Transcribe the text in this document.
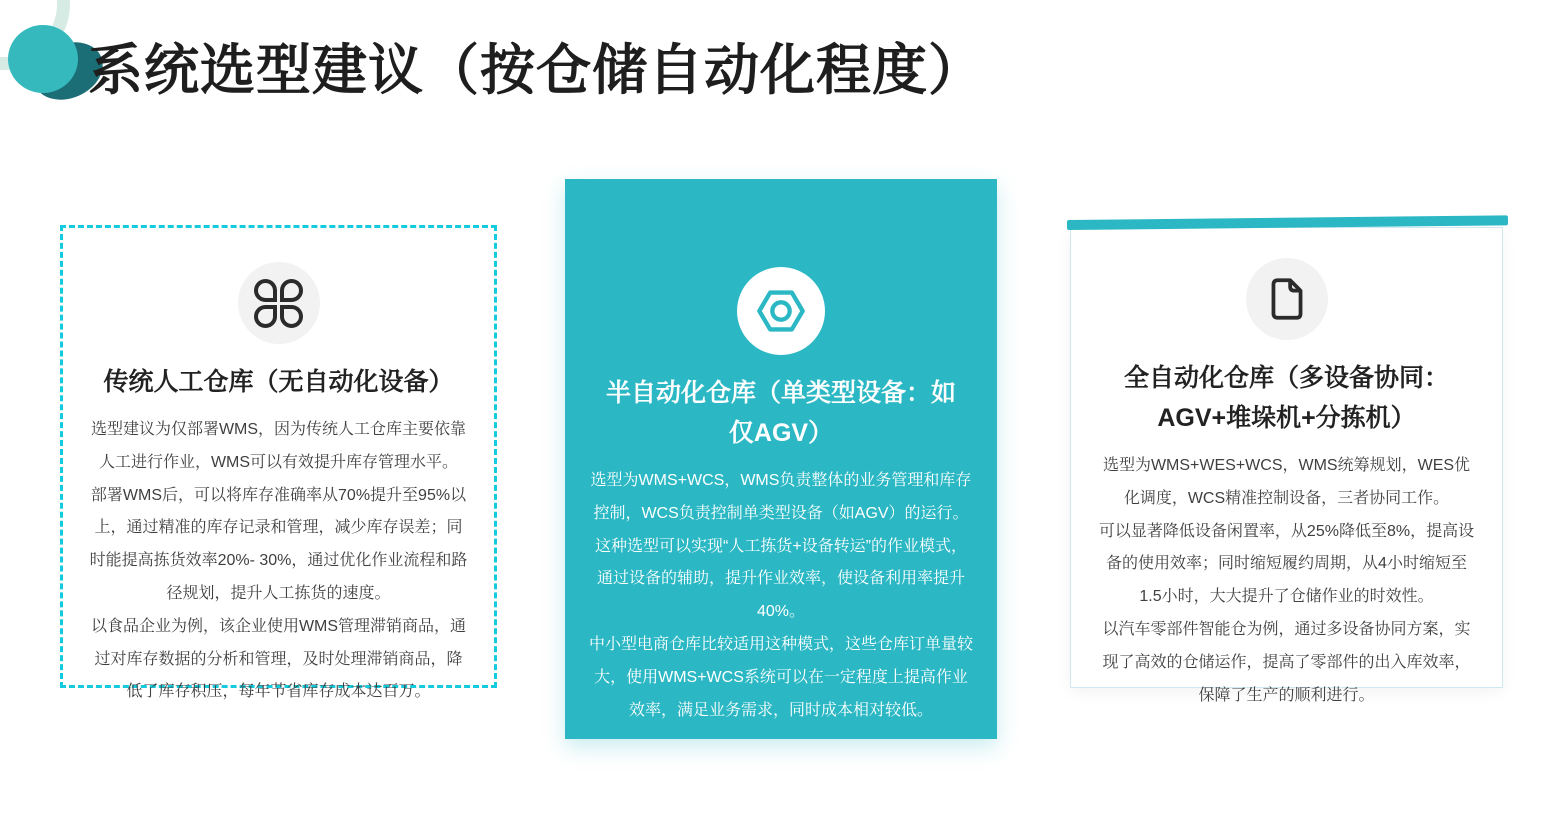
系统选型建议（按仓储自动化程度）
传统人工仓库（无自动化设备）

选型建议为仅部署WMS，因为传统人工仓库主要依靠人工进行作业，WMS可以有效提升库存管理水平。

部署WMS后，可以将库存准确率从70%提升至95%以上，通过精准的库存记录和管理，减少库存误差；同时能提高拣货效率20%- 30%，通过优化作业流程和路径规划，提升人工拣货的速度。

以食品企业为例，该企业使用WMS管理滞销商品，通过对库存数据的分析和管理，及时处理滞销商品，降低了库存积压，每年节省库存成本达百万。

半自动化仓库（单类型设备：如仅AGV）

选型为WMS+WCS，WMS负责整体的业务管理和库存控制，WCS负责控制单类型设备（如AGV）的运行。

这种选型可以实现“人工拣货+设备转运”的作业模式，通过设备的辅助，提升作业效率，使设备利用率提升40%。

中小型电商仓库比较适用这种模式，这些仓库订单量较大，使用WMS+WCS系统可以在一定程度上提高作业效率，满足业务需求，同时成本相对较低。

全自动化仓库（多设备协同：AGV+堆垛机+分拣机）

选型为WMS+WES+WCS，WMS统筹规划，WES优化调度，WCS精准控制设备，三者协同工作。

可以显著降低设备闲置率，从25%降低至8%，提高设备的使用效率；同时缩短履约周期，从4小时缩短至1.5小时，大大提升了仓储作业的时效性。

以汽车零部件智能仓为例，通过多设备协同方案，实现了高效的仓储运作，提高了零部件的出入库效率，保障了生产的顺利进行。
